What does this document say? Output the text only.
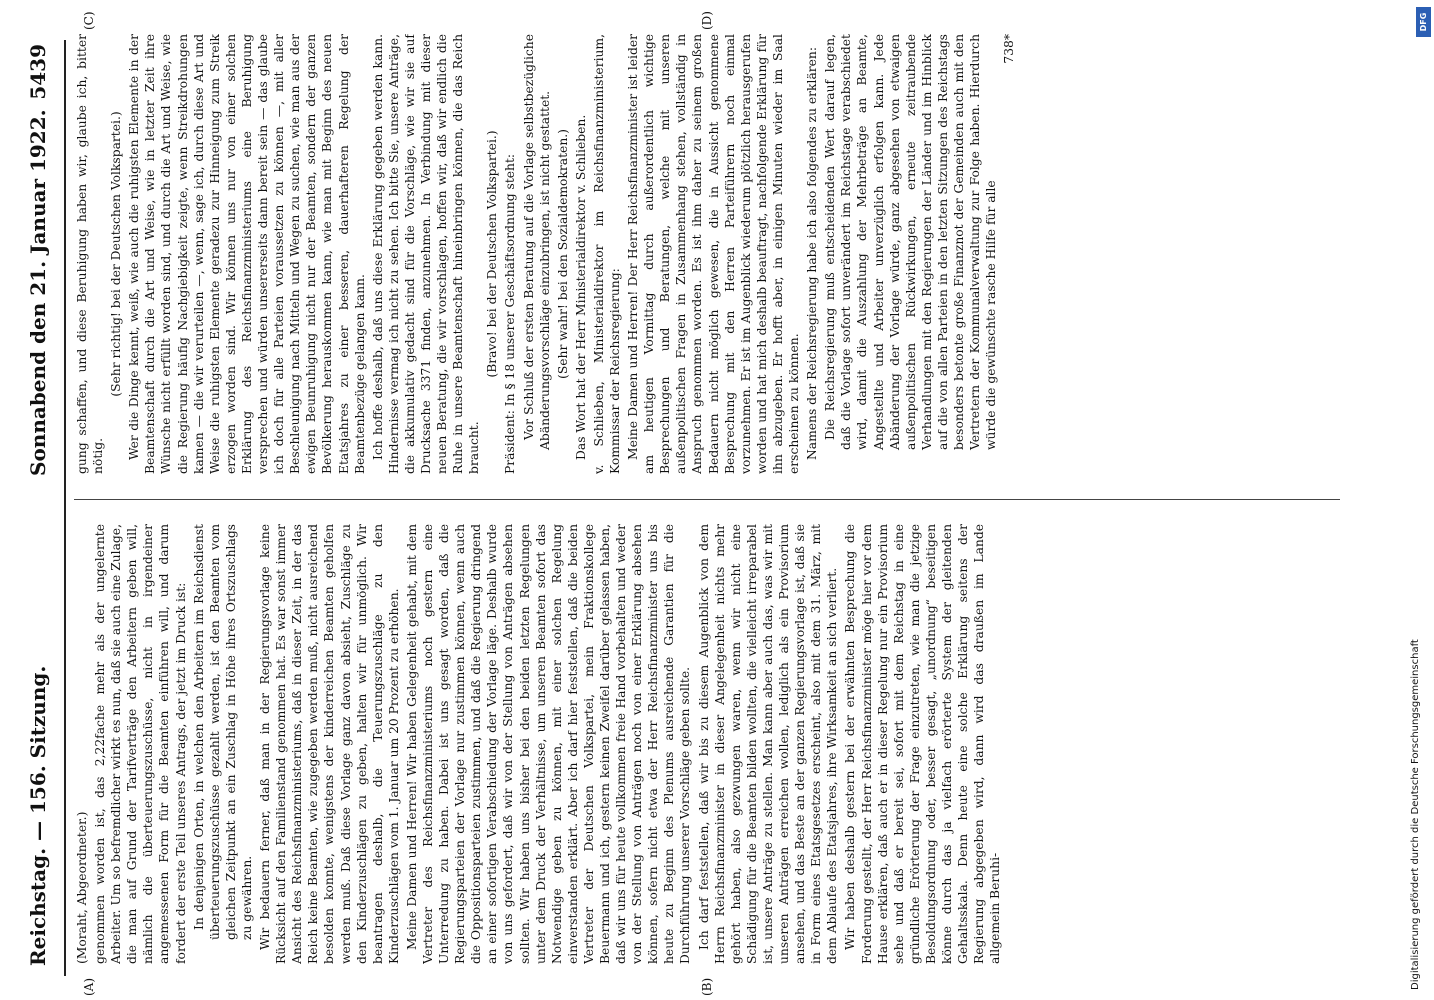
Reichstag. — 156. Sitzung.
Sonnabend den 21. Januar 1922.
5439
(A)	(B)
(C)	(D)

(Moraht, Abgeordneter.) genommen worden ist, das 2,22fache mehr als der ungelernte Arbeiter. Um so befremdlicher wirkt es nun, daß sie auch eine Zulage, die man auf Grund der Tarifverträge den Arbeitern geben will, nämlich die überteuerungszuschüsse, nicht in irgendeiner angemessenen Form für die Beamten einführen will, und darum fordert der erste Teil unseres Antrags, der jetzt im Druck ist: In denjenigen Orten, in welchen den Arbeitern im Reichsdienst überteuerungszuschüsse gezahlt werden, ist den Beamten vom gleichen Zeitpunkt an ein Zuschlag in Höhe ihres Ortszuschlags zu gewähren. Wir bedauern ferner, daß man in der Regierungsvorlage keine Rücksicht auf den Familienstand genommen hat. Es war sonst immer Ansicht des Reichsfinanzministeriums, daß in dieser Zeit, in der das Reich keine Beamten, wie zugegeben werden muß, nicht ausreichend besolden konnte, wenigstens der kinderreichen Beamten geholfen werden muß. Daß diese Vorlage ganz davon absieht, Zuschläge zu den Kinderzuschlägen zu geben, halten wir für unmöglich. Wir beantragen deshalb, die Teuerungszuschläge zu den Kinderzuschlägen vom 1. Januar um 20 Prozent zu erhöhen. Meine Damen und Herren! Wir haben Gelegenheit gehabt, mit dem Vertreter des Reichsfinanzministeriums noch gestern eine Unterredung zu haben. Dabei ist uns gesagt worden, daß die Regierungsparteien der Vorlage nur zustimmen können, wenn auch die Oppositionsparteien zustimmen, und daß die Regierung dringend an einer sofortigen Verabschiedung der Vorlage läge. Deshalb wurde von uns gefordert, daß wir von der Stellung von Anträgen absehen sollten. Wir haben uns bisher bei den beiden letzten Regelungen unter dem Druck der Verhältnisse, um unseren Beamten sofort das Notwendige geben zu können, mit einer solchen Regelung einverstanden erklärt. Aber ich darf hier feststellen, daß die beiden Vertreter der Deutschen Volkspartei, mein Fraktionskollege Beuermann und ich, gestern keinen Zweifel darüber gelassen haben, daß wir uns für heute vollkommen freie Hand vorbehalten und weder von der Stellung von Anträgen noch von einer Erklärung absehen können, sofern nicht etwa der Herr Reichsfinanzminister uns bis heute zu Beginn des Plenums ausreichende Garantien für die Durchführung unserer Vorschläge geben sollte. Ich darf feststellen, daß wir bis zu diesem Augenblick von dem Herrn Reichsfinanzminister in dieser Angelegenheit nichts mehr gehört haben, also gezwungen waren, wenn wir nicht eine Schädigung für die Beamten bilden wollten, die vielleicht irreparabel ist, unsere Anträge zu stellen. Man kann aber auch das, was wir mit unseren Anträgen erreichen wollen, lediglich als ein Provisorium ansehen, und das Beste an der ganzen Regierungsvorlage ist, daß sie in Form eines Etatsgesetzes erscheint, also mit dem 31. März, mit dem Ablaufe des Etatsjahres, ihre Wirksamkeit an sich verliert. Wir haben deshalb gestern bei der erwähnten Besprechung die Forderung gestellt, der Herr Reichsfinanzminister möge hier vor dem Hause erklären, daß auch er in dieser Regelung nur ein Provisorium sehe und daß er bereit sei, sofort mit dem Reichstag in eine gründliche Erörterung der Frage einzutreten, wie man die jetzige Besoldungsordnung oder, besser gesagt, „unordnung“ beseitigen könne durch das ja vielfach erörterte System der gleitenden Gehaltsskala. Denn heute eine solche Erklärung seitens der Regierung abgegeben wird, dann wird das draußen im Lande allgemein Beruhi-

gung schaffen, und diese Beruhigung haben wir, glaube ich, bitter nötig.

(Sehr richtig! bei der Deutschen Volkspartei.) Wer die Dinge kennt, weiß, wie auch die ruhigsten Elemente in der Beamtenschaft durch die Art und Weise, wie in letzter Zeit ihre Wünsche nicht erfüllt worden sind, und durch die Art und Weise, wie die Regierung häufig Nachgiebigkeit zeigte, wenn Streikdrohungen kamen — die wir verurteilen —, wenn, sage ich, durch diese Art und Weise die ruhigsten Elemente geradezu zur Hinneigung zum Streik erzogen worden sind. Wir können uns nur von einer solchen Erklärung des Reichsfinanzministeriums eine Beruhigung versprechen und würden unsererseits dann bereit sein — das glaube ich doch für alle Parteien voraussetzen zu können —, mit aller Beschleunigung nach Mitteln und Wegen zu suchen, wie man aus der ewigen Beunruhigung nicht nur der Beamten, sondern der ganzen Bevölkerung herauskommen kann, wie man mit Beginn des neuen Etatsjahres zu einer besseren, dauerhafteren Regelung der Beamtenbezüge gelangen kann. Ich hoffe deshalb, daß uns diese Erklärung gegeben werden kann. Hindernisse vermag ich nicht zu sehen. Ich bitte Sie, unsere Anträge, die akkumulativ gedacht sind für die Vorschläge, wie wir sie auf Drucksache 3371 finden, anzunehmen. In Verbindung mit dieser neuen Beratung, die wir vorschlagen, hoffen wir, daß wir endlich die Ruhe in unsere Beamtenschaft hineinbringen können, die das Reich braucht.

(Bravo! bei der Deutschen Volkspartei.) Präsident: In § 18 unserer Geschäftsordnung steht: Vor Schluß der ersten Beratung auf die Vorlage selbstbezügliche Abänderungsvorschläge einzubringen, ist nicht gestattet. (Sehr wahr! bei den Sozialdemokraten.) Das Wort hat der Herr Ministerialdirektor v. Schlieben. v. Schlieben, Ministerialdirektor im Reichsfinanzministerium, Kommissar der Reichsregierung: Meine Damen und Herren! Der Herr Reichsfinanzminister ist leider am heutigen Vormittag durch außerordentlich wichtige Besprechungen und Beratungen, welche mit unseren außenpolitischen Fragen in Zusammenhang stehen, vollständig in Anspruch genommen worden. Es ist ihm daher zu seinem großen Bedauern nicht möglich gewesen, die in Aussicht genommene Besprechung mit den Herren Parteiführern noch einmal vorzunehmen. Er ist im Augenblick wiederum plötzlich herausgerufen worden und hat mich deshalb beauftragt, nachfolgende Erklärung für ihn abzugeben. Er hofft aber, in einigen Minuten wieder im Saal erscheinen zu können. Namens der Reichsregierung habe ich also folgendes zu erklären: Die Reichsregierung muß entscheidenden Wert darauf legen, daß die Vorlage sofort unverändert im Reichstage verabschiedet wird, damit die Auszahlung der Mehrbeträge an Beamte, Angestellte und Arbeiter unverzüglich erfolgen kann. Jede Abänderung der Vorlage würde, ganz abgesehen von etwaigen außenpolitischen Rückwirkungen, erneute zeitraubende Verhandlungen mit den Regierungen der Länder und im Hinblick auf die von allen Parteien in den letzten Sitzungen des Reichstags besonders betonte große Finanznot der Gemeinden auch mit den Vertretern der Kommunalverwaltung zur Folge haben. Hierdurch würde die gewünschte rasche Hilfe für alle

738*

Digitalisierung gefördert durch die Deutsche Forschungsgemeinschaft
DFG
